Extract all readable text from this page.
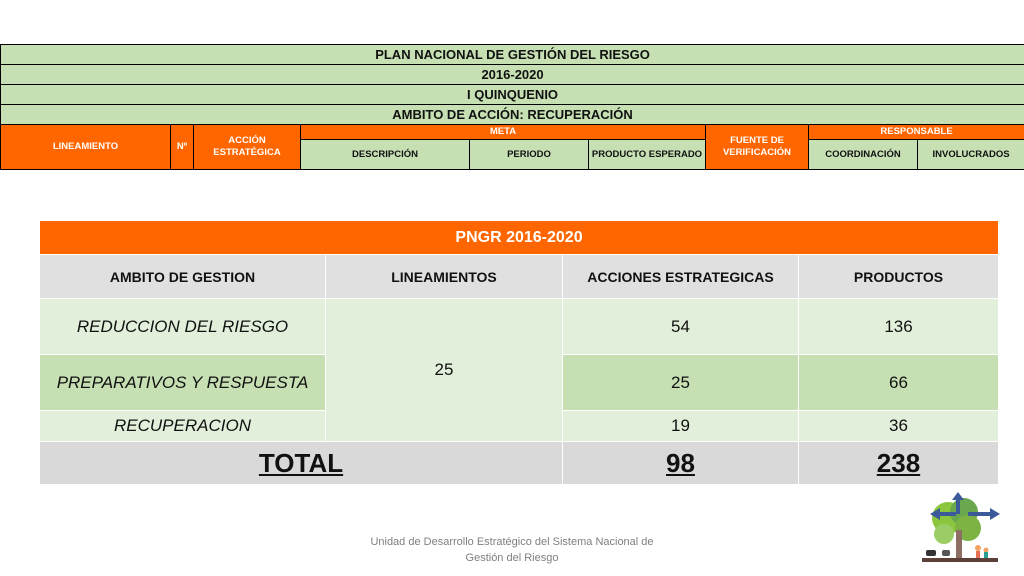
PLAN NACIONAL DE GESTIÓN DEL RIESGO								
2016-2020								
I QUINQUENIO								
AMBITO DE ACCIÓN: RECUPERACIÓN								
LINEAMIENTO	Nº	ACCIÓN ESTRATÉGICA	META			FUENTE DE VERIFICACIÓN	RESPONSABLE	
			DESCRIPCIÓN	PERIODO	PRODUCTO ESPERADO		COORDINACIÓN	INVOLUCRADOS
PNGR 2016-2020			
AMBITO DE GESTION	LINEAMIENTOS	ACCIONES ESTRATEGICAS	PRODUCTOS
REDUCCION DEL RIESGO	25	54	136
PREPARATIVOS Y RESPUESTA		25	66
RECUPERACION		19	36
TOTAL		98	238
Unidad de Desarrollo Estratégico del Sistema Nacional de Gestión del Riesgo
